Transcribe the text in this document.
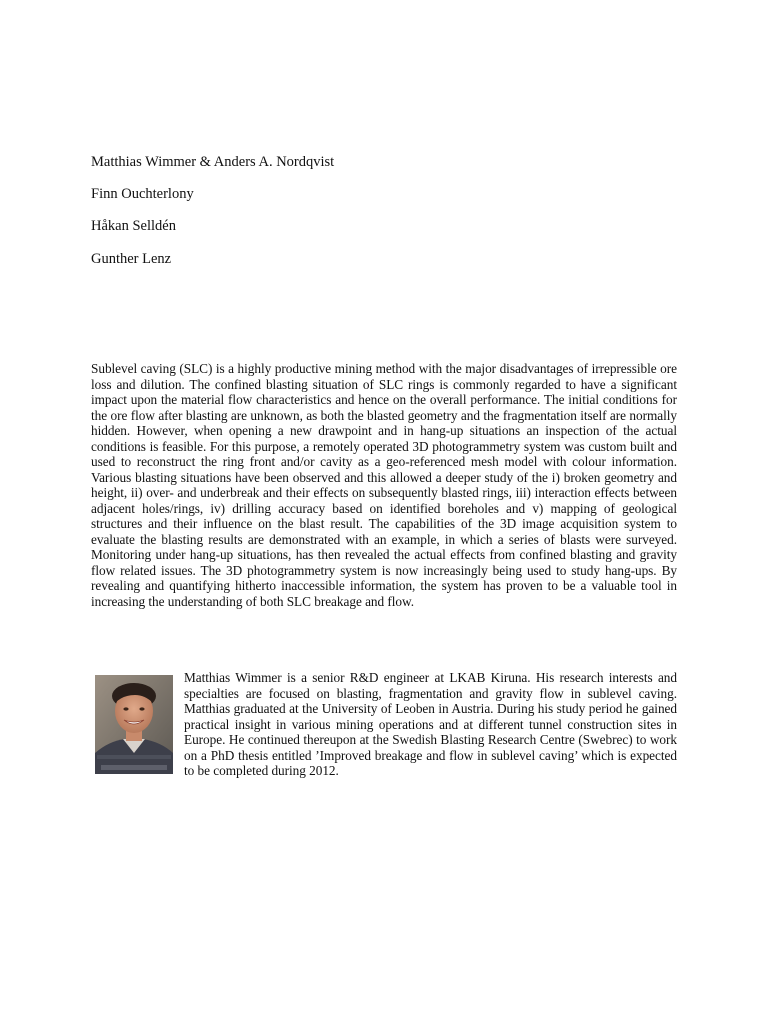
Matthias Wimmer & Anders A. Nordqvist
Finn Ouchterlony
Håkan Selldén
Gunther Lenz

Sublevel caving (SLC) is a highly productive mining method with the major disadvantages of irrepressible ore loss and dilution. The confined blasting situation of SLC rings is commonly regarded to have a significant impact upon the material flow characteristics and hence on the overall performance. The initial conditions for the ore flow after blasting are unknown, as both the blasted geometry and the fragmentation itself are normally hidden. However, when opening a new drawpoint and in hang-up situations an inspection of the actual conditions is feasible. For this purpose, a remotely operated 3D photogrammetry system was custom built and used to reconstruct the ring front and/or cavity as a geo-referenced mesh model with colour information. Various blasting situations have been observed and this allowed a deeper study of the i) broken geometry and height, ii) over- and underbreak and their effects on subsequently blasted rings, iii) interaction effects between adjacent holes/rings, iv) drilling accuracy based on identified boreholes and v) mapping of geological structures and their influence on the blast result. The capabilities of the 3D image acquisition system to evaluate the blasting results are demonstrated with an example, in which a series of blasts were surveyed. Monitoring under hang-up situations, has then revealed the actual effects from confined blasting and gravity flow related issues. The 3D photogrammetry system is now increasingly being used to study hang-ups. By revealing and quantifying hitherto inaccessible information, the system has proven to be a valuable tool in increasing the understanding of both SLC breakage and flow.

Matthias Wimmer is a senior R&D engineer at LKAB Kiruna. His research interests and specialties are focused on blasting, fragmentation and gravity flow in sublevel caving. Matthias graduated at the University of Leoben in Austria. During his study period he gained practical insight in various mining operations and at different tunnel construction sites in Europe. He continued thereupon at the Swedish Blasting Research Centre (Swebrec) to work on a PhD thesis entitled ’Improved breakage and flow in sublevel caving’ which is expected to be completed during 2012.
